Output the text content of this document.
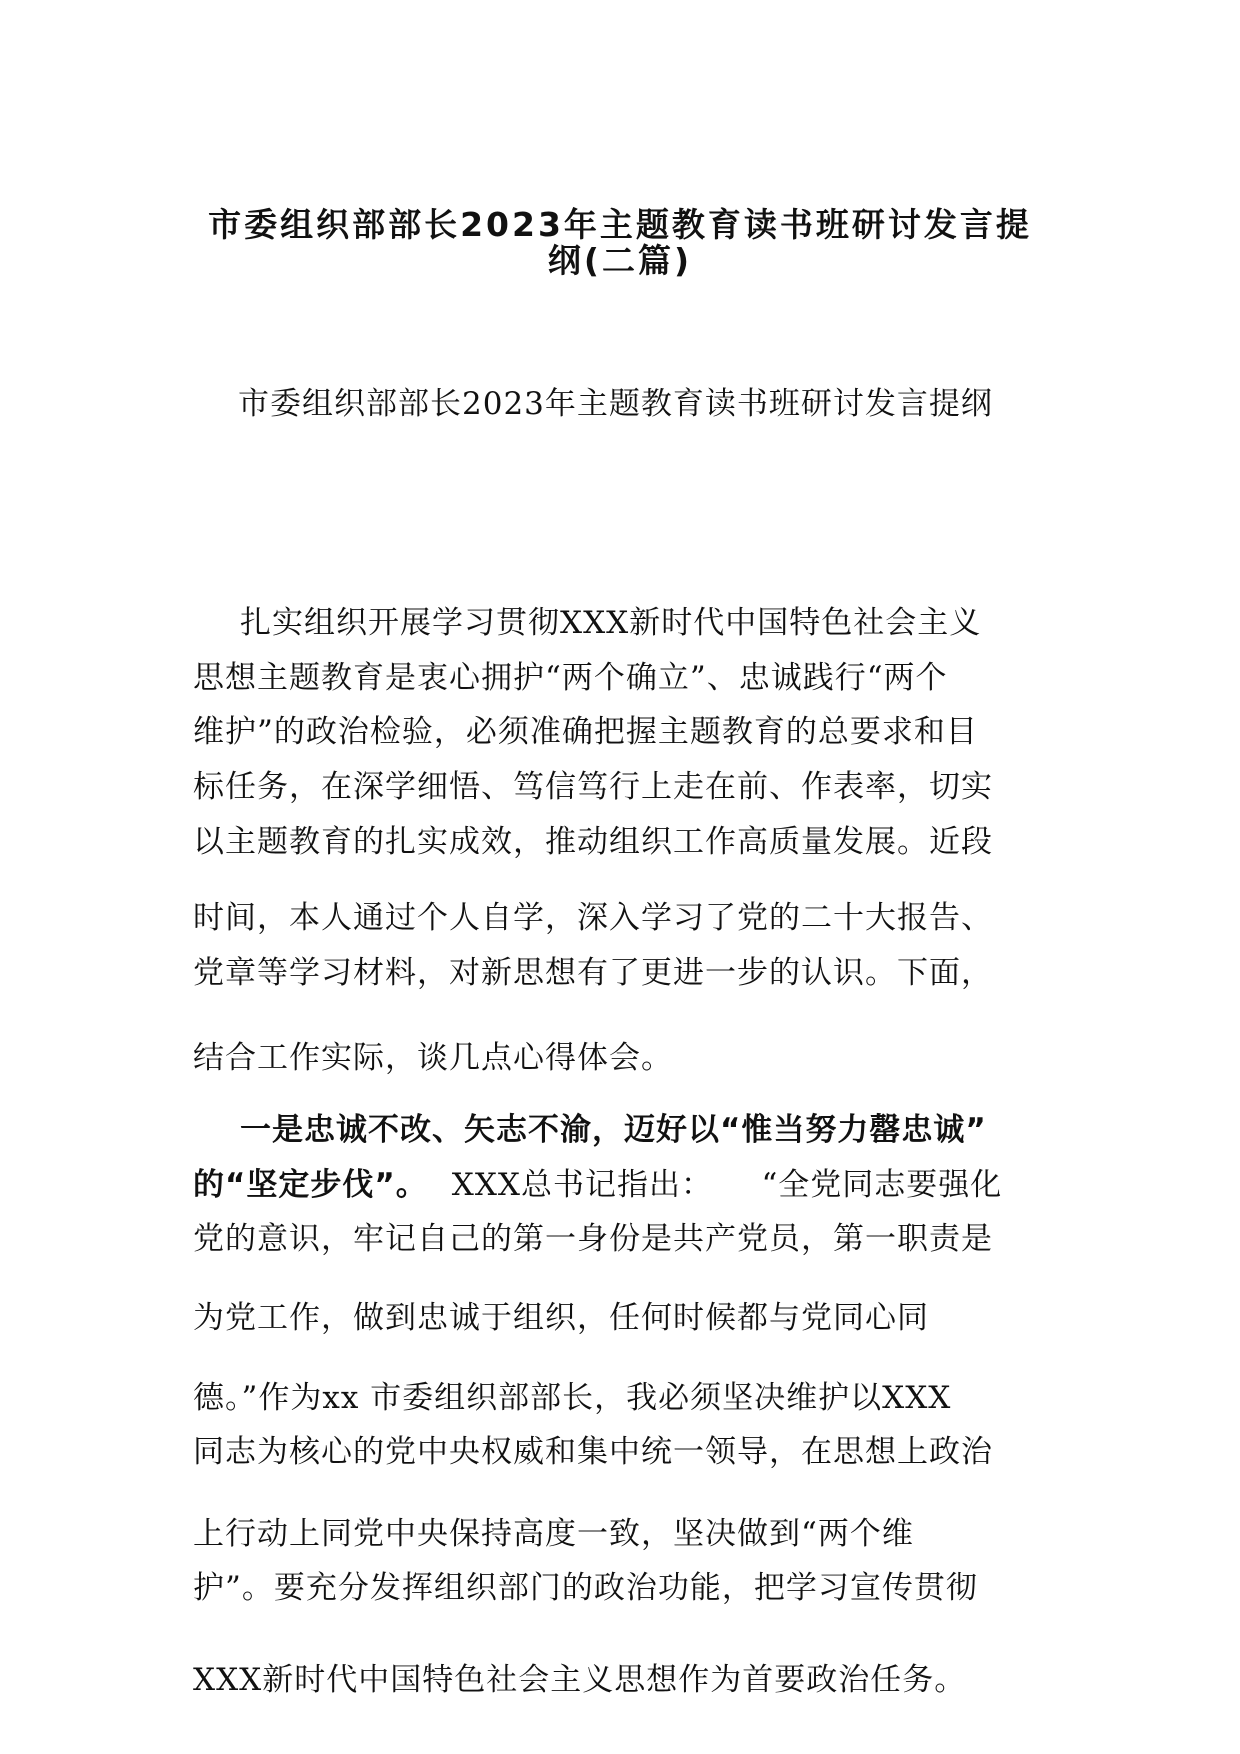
市委组织部部长2023年主题教育读书班研讨发言提
纲(二篇)
市委组织部部长2023年主题教育读书班研讨发言提纲
扎实组织开展学习贯彻XXX新时代中国特色社会主义
思想主题教育是衷心拥护“两个确立”、忠诚践行“两个
维护”的政治检验，必须准确把握主题教育的总要求和目
标任务，在深学细悟、笃信笃行上走在前、作表率，切实
以主题教育的扎实成效，推动组织工作高质量发展。近段
时间，本人通过个人自学，深入学习了党的二十大报告、
党章等学习材料，对新思想有了更进一步的认识。下面，
结合工作实际，谈几点心得体会。
一是忠诚不改、矢志不渝，迈好以“惟当努力罄忠诚”
的“坚定步伐”。 XXX总书记指出：　　“全党同志要强化
党的意识，牢记自己的第一身份是共产党员，第一职责是
为党工作，做到忠诚于组织，任何时候都与党同心同
德。”作为xx 市委组织部部长，我必须坚决维护以XXX
同志为核心的党中央权威和集中统一领导，在思想上政治
上行动上同党中央保持高度一致，坚决做到“两个维
护”。要充分发挥组织部门的政治功能，把学习宣传贯彻
XXX新时代中国特色社会主义思想作为首要政治任务。
